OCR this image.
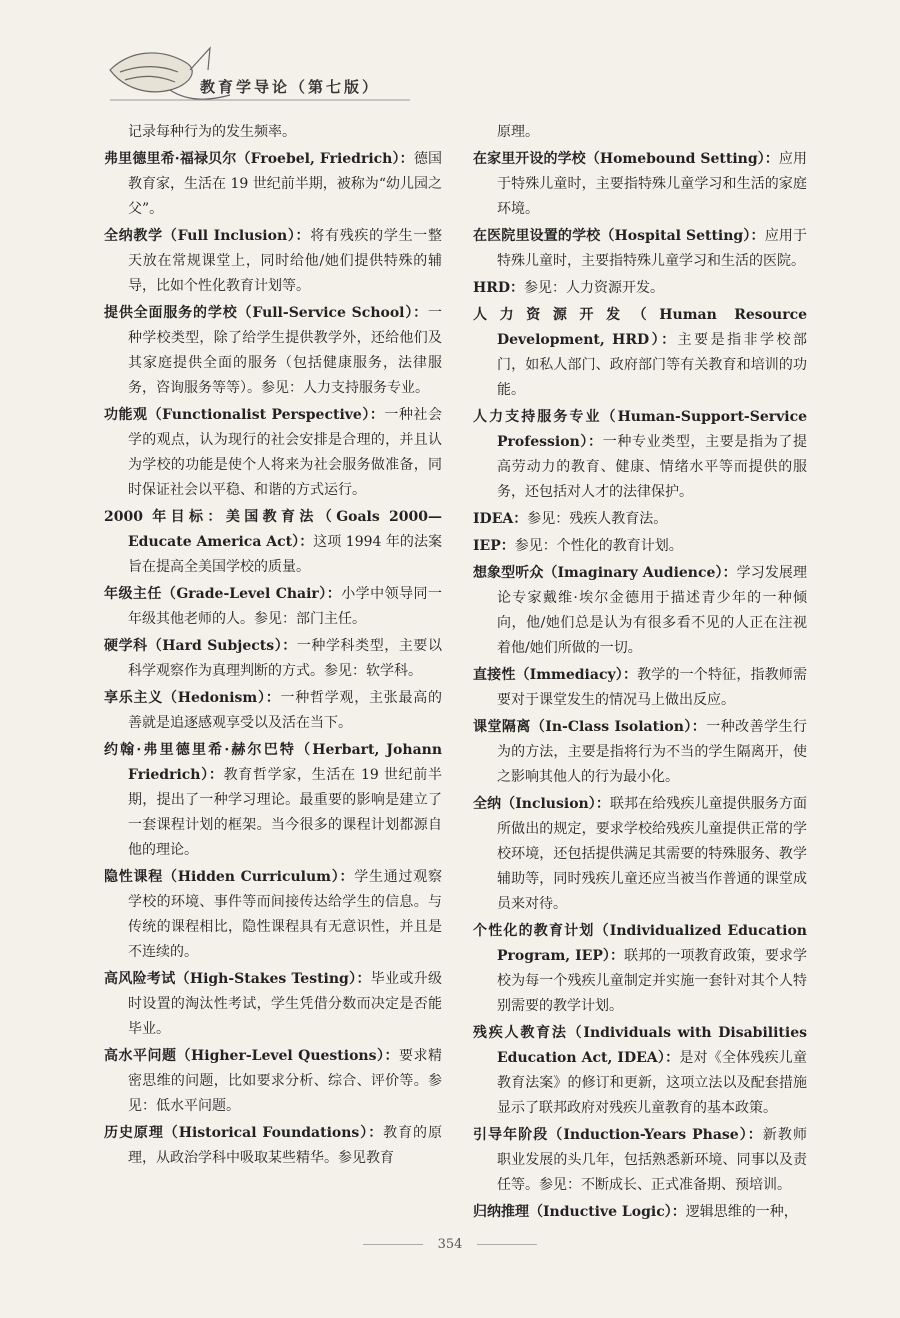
教育学导论（第七版）

记录每种行为的发生频率。

弗里德里希·福禄贝尔（Froebel, Friedrich）：德国教育家，生活在 19 世纪前半期，被称为“幼儿园之父”。

全纳教学（Full Inclusion）：将有残疾的学生一整天放在常规课堂上，同时给他/她们提供特殊的辅导，比如个性化教育计划等。

提供全面服务的学校（Full-Service School）：一种学校类型，除了给学生提供教学外，还给他们及其家庭提供全面的服务（包括健康服务，法律服务，咨询服务等等）。参见：人力支持服务专业。

功能观（Functionalist Perspective）：一种社会学的观点，认为现行的社会安排是合理的，并且认为学校的功能是使个人将来为社会服务做准备，同时保证社会以平稳、和谐的方式运行。

2000 年目标：美国教育法（Goals 2000—Educate America Act）：这项 1994 年的法案旨在提高全美国学校的质量。

年级主任（Grade-Level Chair）：小学中领导同一年级其他老师的人。参见：部门主任。

硬学科（Hard Subjects）：一种学科类型，主要以科学观察作为真理判断的方式。参见：软学科。

享乐主义（Hedonism）：一种哲学观，主张最高的善就是追逐感观享受以及活在当下。

约翰·弗里德里希·赫尔巴特（Herbart, Johann Friedrich）：教育哲学家，生活在 19 世纪前半期，提出了一种学习理论。最重要的影响是建立了一套课程计划的框架。当今很多的课程计划都源自他的理论。

隐性课程（Hidden Curriculum）：学生通过观察学校的环境、事件等而间接传达给学生的信息。与传统的课程相比，隐性课程具有无意识性，并且是不连续的。

高风险考试（High-Stakes Testing）：毕业或升级时设置的淘汰性考试，学生凭借分数而决定是否能毕业。

高水平问题（Higher-Level Questions）：要求精密思维的问题，比如要求分析、综合、评价等。参见：低水平问题。

历史原理（Historical Foundations）：教育的原理，从政治学科中吸取某些精华。参见教育

原理。

在家里开设的学校（Homebound Setting）：应用于特殊儿童时，主要指特殊儿童学习和生活的家庭环境。

在医院里设置的学校（Hospital Setting）：应用于特殊儿童时，主要指特殊儿童学习和生活的医院。

HRD：参见：人力资源开发。

人力资源开发（Human Resource Development, HRD）：主要是指非学校部门，如私人部门、政府部门等有关教育和培训的功能。

人力支持服务专业（Human-Support-Service Profession）：一种专业类型，主要是指为了提高劳动力的教育、健康、情绪水平等而提供的服务，还包括对人才的法律保护。

IDEA：参见：残疾人教育法。

IEP：参见：个性化的教育计划。

想象型听众（Imaginary Audience）：学习发展理论专家戴维·埃尔金德用于描述青少年的一种倾向，他/她们总是认为有很多看不见的人正在注视着他/她们所做的一切。

直接性（Immediacy）：教学的一个特征，指教师需要对于课堂发生的情况马上做出反应。

课堂隔离（In-Class Isolation）：一种改善学生行为的方法，主要是指将行为不当的学生隔离开，使之影响其他人的行为最小化。

全纳（Inclusion）：联邦在给残疾儿童提供服务方面所做出的规定，要求学校给残疾儿童提供正常的学校环境，还包括提供满足其需要的特殊服务、教学辅助等，同时残疾儿童还应当被当作普通的课堂成员来对待。

个性化的教育计划（Individualized Education Program, IEP）：联邦的一项教育政策，要求学校为每一个残疾儿童制定并实施一套针对其个人特别需要的教学计划。

残疾人教育法（Individuals with Disabilities Education Act, IDEA）：是对《全体残疾儿童教育法案》的修订和更新，这项立法以及配套措施显示了联邦政府对残疾儿童教育的基本政策。

引导年阶段（Induction-Years Phase）：新教师职业发展的头几年，包括熟悉新环境、同事以及责任等。参见：不断成长、正式准备期、预培训。

归纳推理（Inductive Logic）：逻辑思维的一种，

354
